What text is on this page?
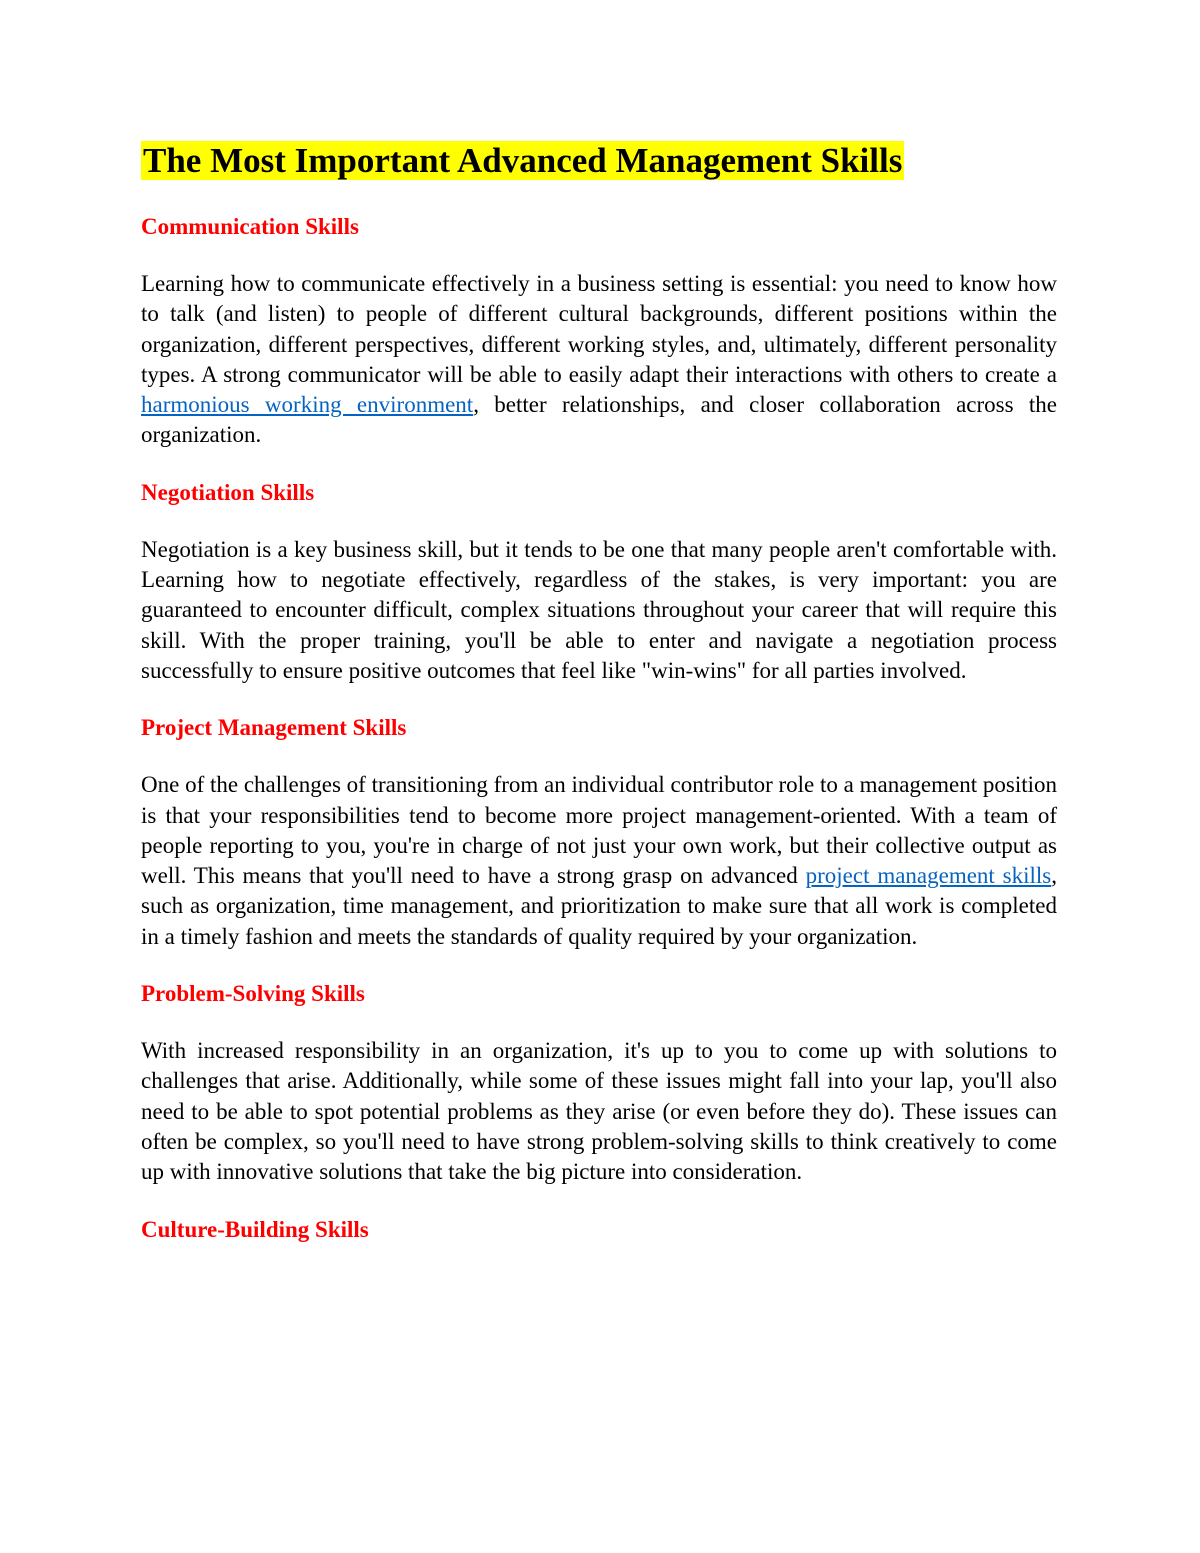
The Most Important Advanced Management Skills
Communication Skills

Learning how to communicate effectively in a business setting is essential: you need to know how to talk (and listen) to people of different cultural backgrounds, different positions within the organization, different perspectives, different working styles, and, ultimately, different personality types. A strong communicator will be able to easily adapt their interactions with others to create a harmonious working environment, better relationships, and closer collaboration across the organization.

Negotiation Skills

Negotiation is a key business skill, but it tends to be one that many people aren't comfortable with. Learning how to negotiate effectively, regardless of the stakes, is very important: you are guaranteed to encounter difficult, complex situations throughout your career that will require this skill. With the proper training, you'll be able to enter and navigate a negotiation process successfully to ensure positive outcomes that feel like "win-wins" for all parties involved.

Project Management Skills

One of the challenges of transitioning from an individual contributor role to a management position is that your responsibilities tend to become more project management-oriented. With a team of people reporting to you, you're in charge of not just your own work, but their collective output as well. This means that you'll need to have a strong grasp on advanced project management skills, such as organization, time management, and prioritization to make sure that all work is completed in a timely fashion and meets the standards of quality required by your organization.

Problem-Solving Skills

With increased responsibility in an organization, it's up to you to come up with solutions to challenges that arise. Additionally, while some of these issues might fall into your lap, you'll also need to be able to spot potential problems as they arise (or even before they do). These issues can often be complex, so you'll need to have strong problem-solving skills to think creatively to come up with innovative solutions that take the big picture into consideration.

Culture-Building Skills
